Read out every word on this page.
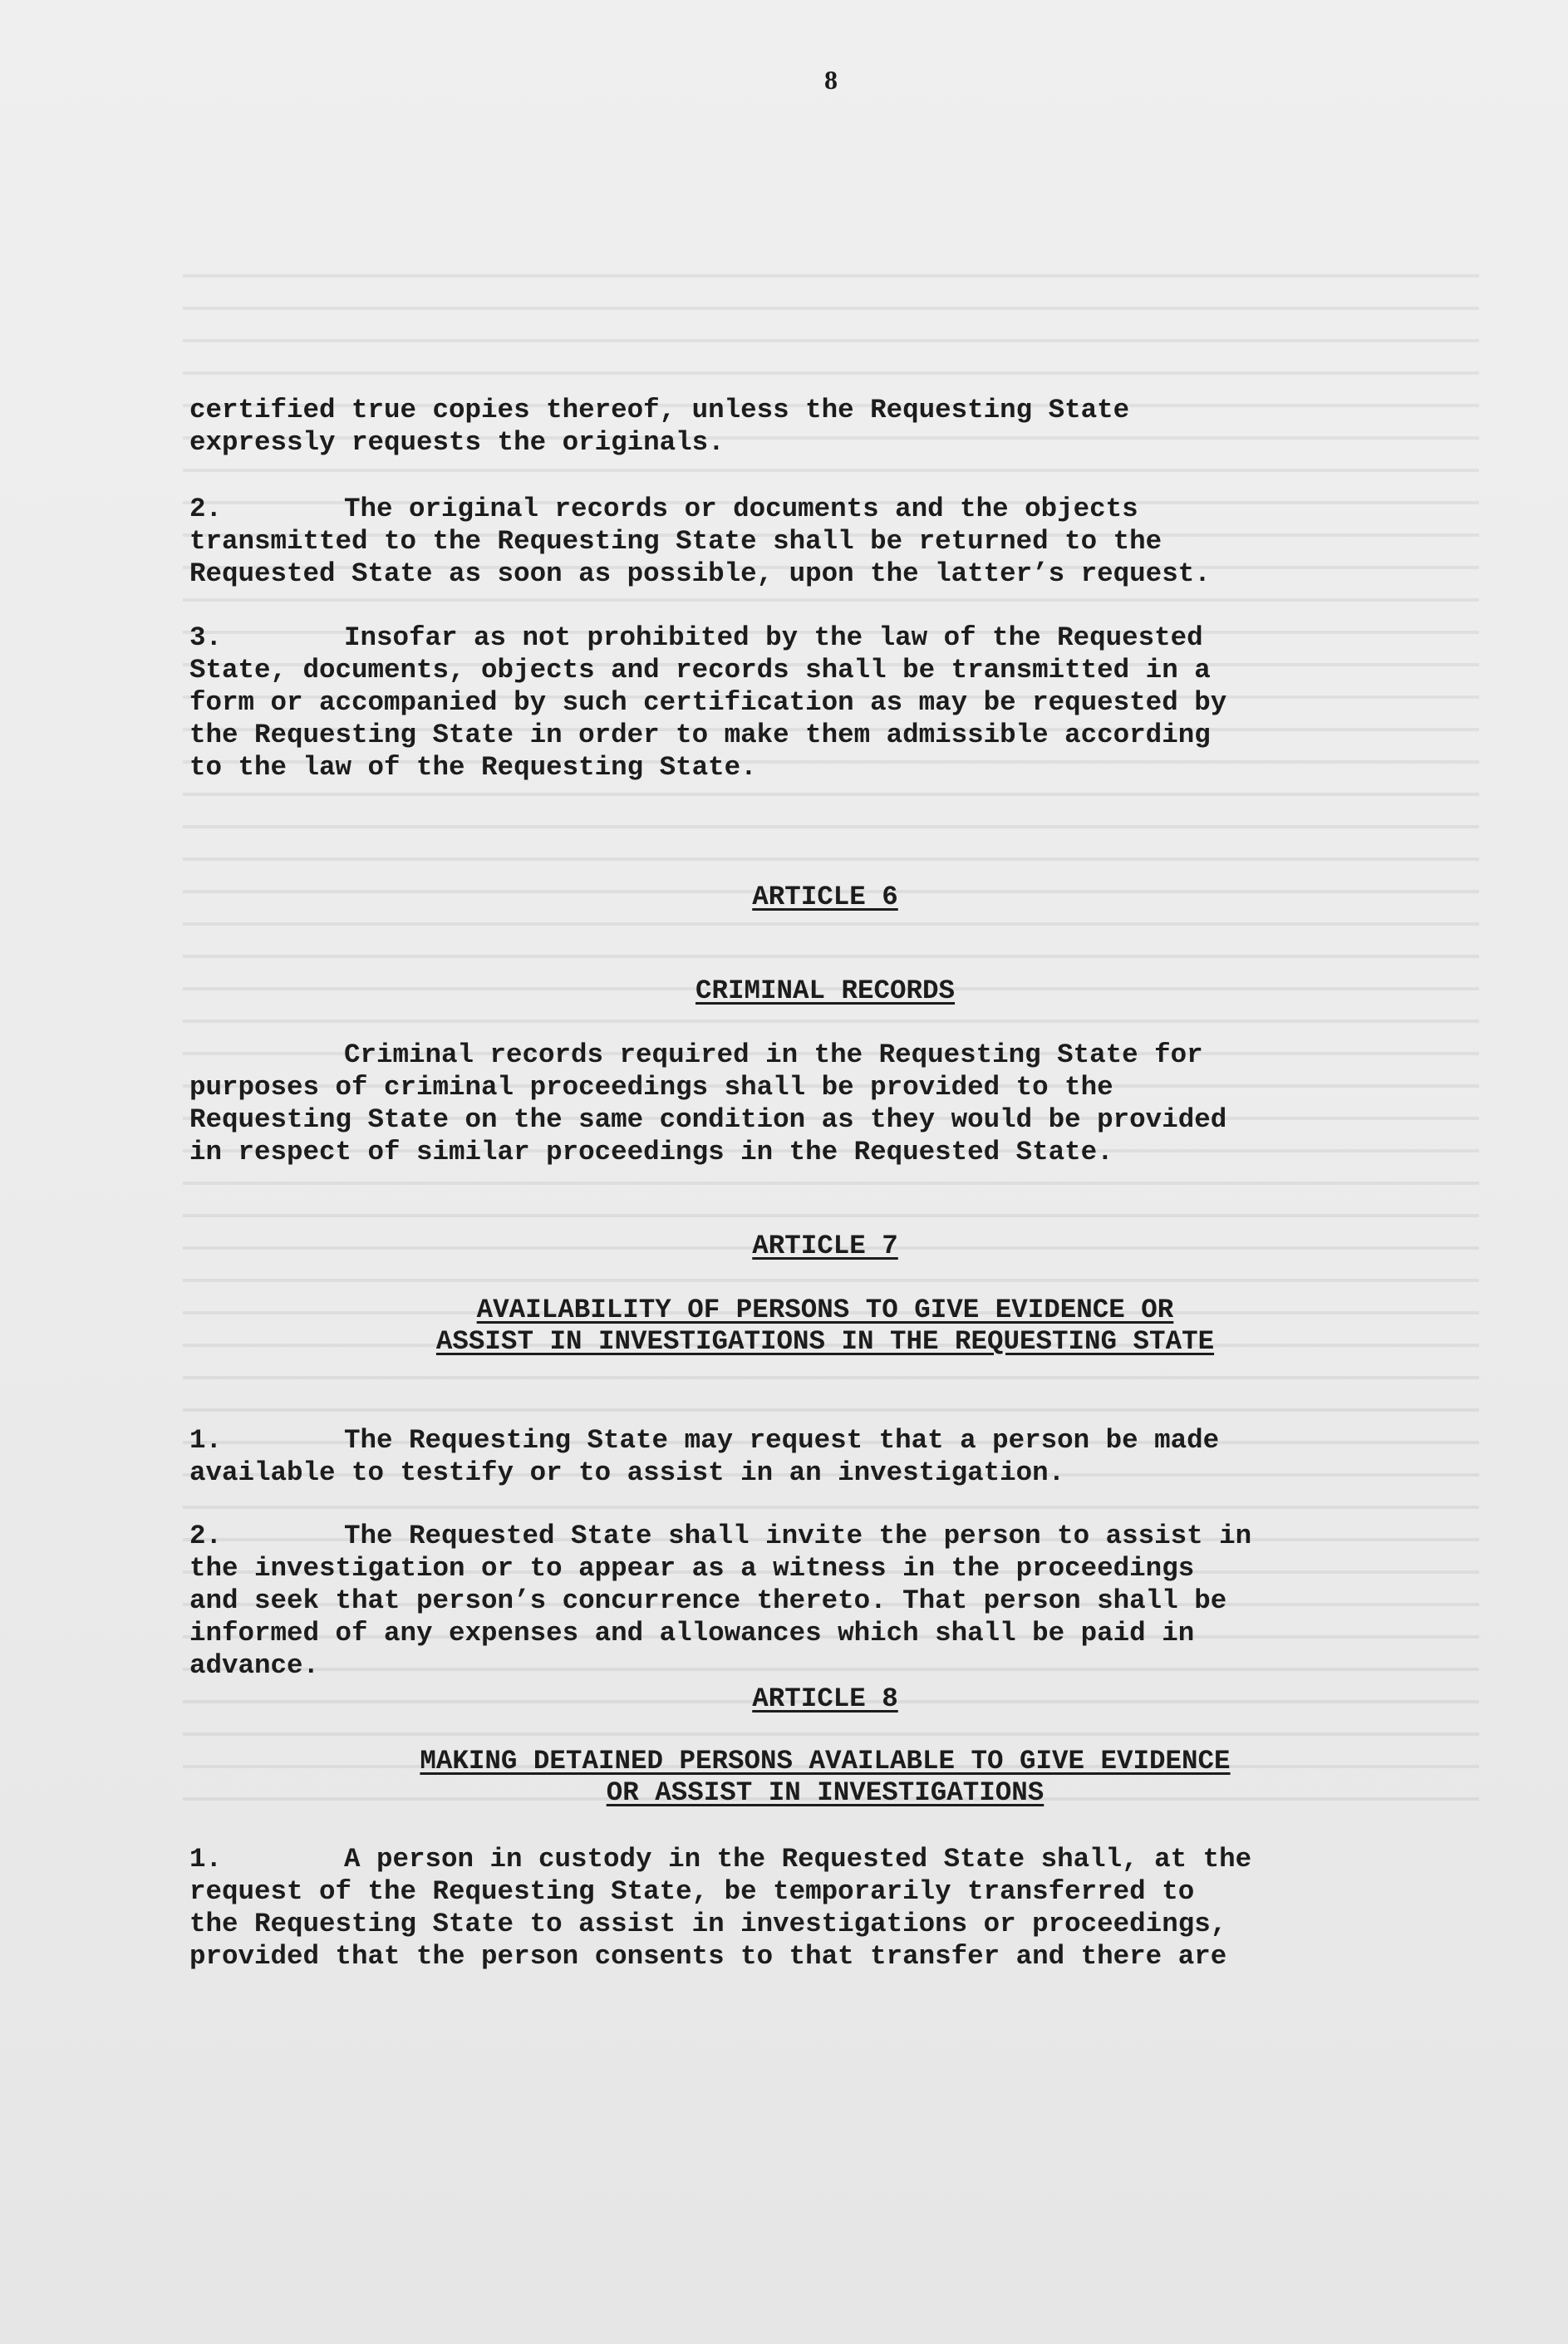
8

certified true copies thereof, unless the Requesting State
expressly requests the originals.

2.	The original records or documents and the objects
transmitted to the Requesting State shall be returned to the
Requested State as soon as possible, upon the latter’s request.

3.	Insofar as not prohibited by the law of the Requested
State, documents, objects and records shall be transmitted in a
form or accompanied by such certification as may be requested by
the Requesting State in order to make them admissible according
to the law of the Requesting State.

ARTICLE 6

CRIMINAL RECORDS

Criminal records required in the Requesting State for
purposes of criminal proceedings shall be provided to the
Requesting State on the same condition as they would be provided
in respect of similar proceedings in the Requested State.

ARTICLE 7

AVAILABILITY OF PERSONS TO GIVE EVIDENCE OR

ASSIST IN INVESTIGATIONS IN THE REQUESTING STATE

1.	The Requesting State may request that a person be made
available to testify or to assist in an investigation.

2.	The Requested State shall invite the person to assist in
the investigation or to appear as a witness in the proceedings
and seek that person’s concurrence thereto. That person shall be
informed of any expenses and allowances which shall be paid in
advance.

ARTICLE 8

MAKING DETAINED PERSONS AVAILABLE TO GIVE EVIDENCE

OR ASSIST IN INVESTIGATIONS

1.	A person in custody in the Requested State shall, at the
request of the Requesting State, be temporarily transferred to
the Requesting State to assist in investigations or proceedings,
provided that the person consents to that transfer and there are
